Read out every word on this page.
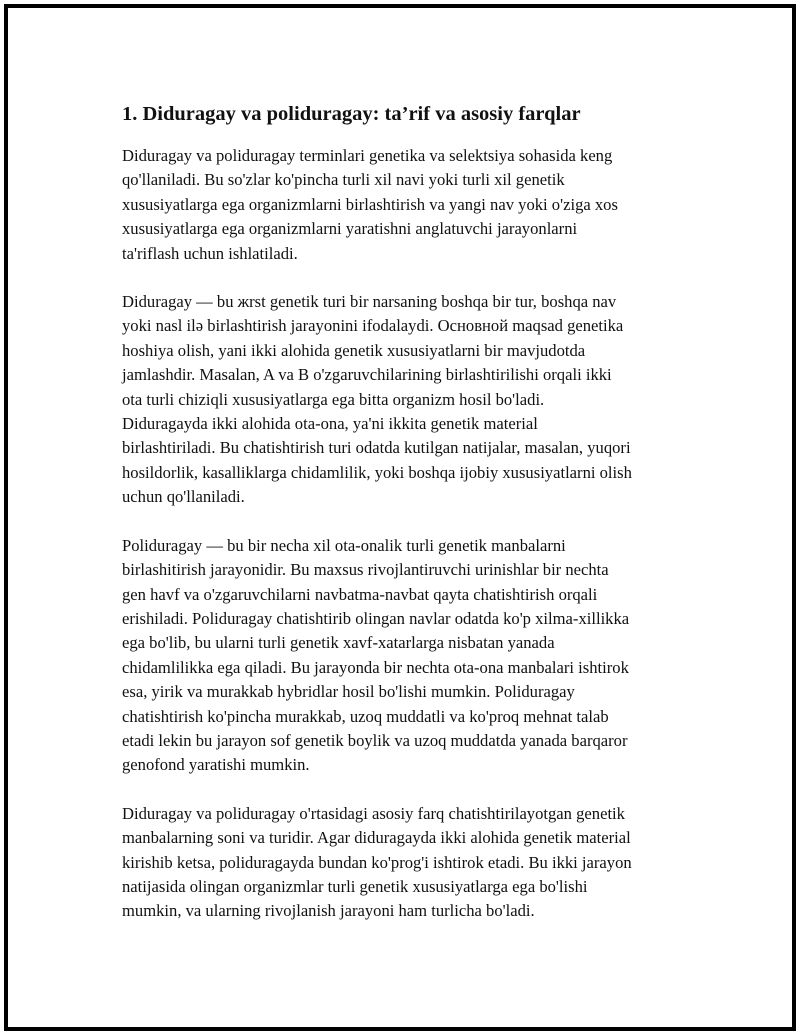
1. Diduragay va poliduragay: ta’rif va asosiy farqlar

Diduragay va poliduragay terminlari genetika va selektsiya sohasida keng
qo'llaniladi. Bu so'zlar ko'pincha turli xil navi yoki turli xil genetik
xususiyatlarga ega organizmlarni birlashtirish va yangi nav yoki o'ziga xos
xususiyatlarga ega organizmlarni yaratishni anglatuvchi jarayonlarni
ta'riflash uchun ishlatiladi.

Diduragay — bu жrst genetik turi bir narsaning boshqa bir tur, boshqa nav
yoki nasl ilə birlashtirish jarayonini ifodalaydi. Основной maqsad genetika
hoshiya olish, yani ikki alohida genetik xususiyatlarni bir mavjudotda
jamlashdir. Masalan, A va B o'zgaruvchilarining birlashtirilishi orqali ikki
ota turli chiziqli xususiyatlarga ega bitta organizm hosil bo'ladi.
Diduragayda ikki alohida ota-ona, ya'ni ikkita genetik material
birlashtiriladi. Bu chatishtirish turi odatda kutilgan natijalar, masalan, yuqori
hosildorlik, kasalliklarga chidamlilik, yoki boshqa ijobiy xususiyatlarni olish
uchun qo'llaniladi.

Poliduragay — bu bir necha xil ota-onalik turli genetik manbalarni
birlashitirish jarayonidir. Bu maxsus rivojlantiruvchi urinishlar bir nechta
gen havf va o'zgaruvchilarni navbatma-navbat qayta chatishtirish orqali
erishiladi. Poliduragay chatishtirib olingan navlar odatda ko'p xilma-xillikka
ega bo'lib, bu ularni turli genetik xavf-xatarlarga nisbatan yanada
chidamlilikka ega qiladi. Bu jarayonda bir nechta ota-ona manbalari ishtirok
esa, yirik va murakkab hybridlar hosil bo'lishi mumkin. Poliduragay
chatishtirish ko'pincha murakkab, uzoq muddatli va ko'proq mehnat talab
etadi lekin bu jarayon sof genetik boylik va uzoq muddatda yanada barqaror
genofond yaratishi mumkin.

Diduragay va poliduragay o'rtasidagi asosiy farq chatishtirilayotgan genetik
manbalarning soni va turidir. Agar diduragayda ikki alohida genetik material
kirishib ketsa, poliduragayda bundan ko'prog'i ishtirok etadi. Bu ikki jarayon
natijasida olingan organizmlar turli genetik xususiyatlarga ega bo'lishi
mumkin, va ularning rivojlanish jarayoni ham turlicha bo'ladi.
